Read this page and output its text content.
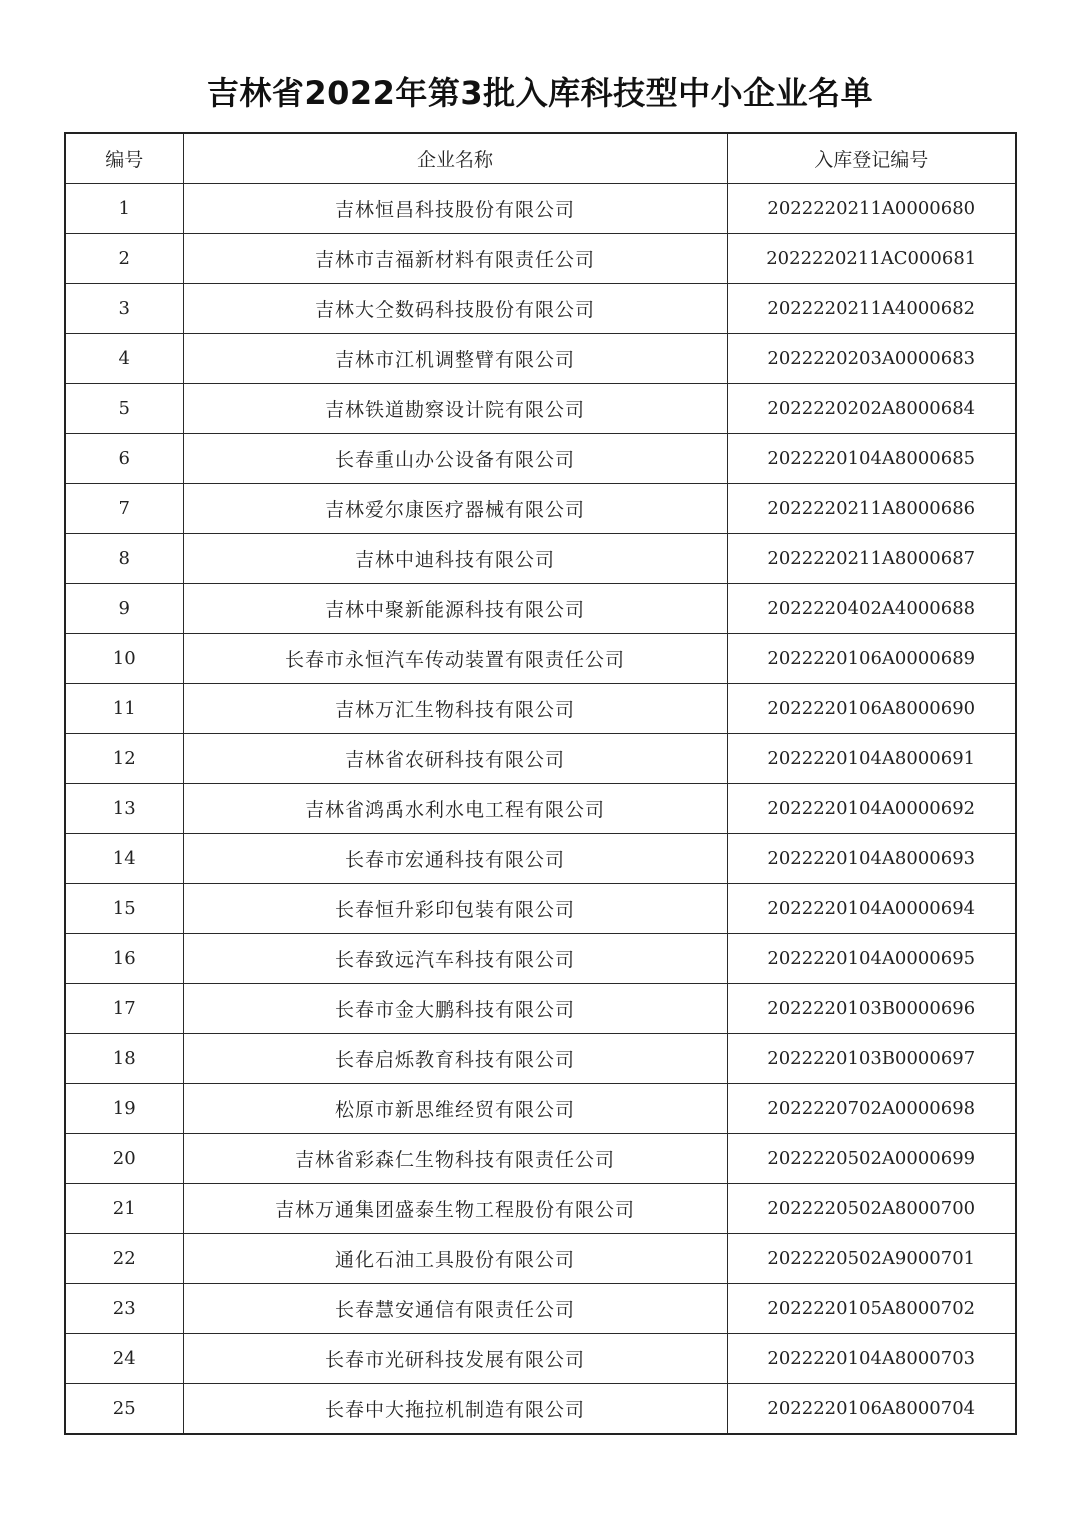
吉林省2022年第3批入库科技型中小企业名单
编号	企业名称	入库登记编号
1	吉林恒昌科技股份有限公司	2022220211A0000680
2	吉林市吉福新材料有限责任公司	2022220211AC000681
3	吉林大仝数码科技股份有限公司	2022220211A4000682
4	吉林市江机调整臂有限公司	2022220203A0000683
5	吉林铁道勘察设计院有限公司	2022220202A8000684
6	长春重山办公设备有限公司	2022220104A8000685
7	吉林爱尔康医疗器械有限公司	2022220211A8000686
8	吉林中迪科技有限公司	2022220211A8000687
9	吉林中聚新能源科技有限公司	2022220402A4000688
10	长春市永恒汽车传动装置有限责任公司	2022220106A0000689
11	吉林万汇生物科技有限公司	2022220106A8000690
12	吉林省农研科技有限公司	2022220104A8000691
13	吉林省鸿禹水利水电工程有限公司	2022220104A0000692
14	长春市宏通科技有限公司	2022220104A8000693
15	长春恒升彩印包装有限公司	2022220104A0000694
16	长春致远汽车科技有限公司	2022220104A0000695
17	长春市金大鹏科技有限公司	2022220103B0000696
18	长春启烁教育科技有限公司	2022220103B0000697
19	松原市新思维经贸有限公司	2022220702A0000698
20	吉林省彩森仁生物科技有限责任公司	2022220502A0000699
21	吉林万通集团盛泰生物工程股份有限公司	2022220502A8000700
22	通化石油工具股份有限公司	2022220502A9000701
23	长春慧安通信有限责任公司	2022220105A8000702
24	长春市光研科技发展有限公司	2022220104A8000703
25	长春中大拖拉机制造有限公司	2022220106A8000704
